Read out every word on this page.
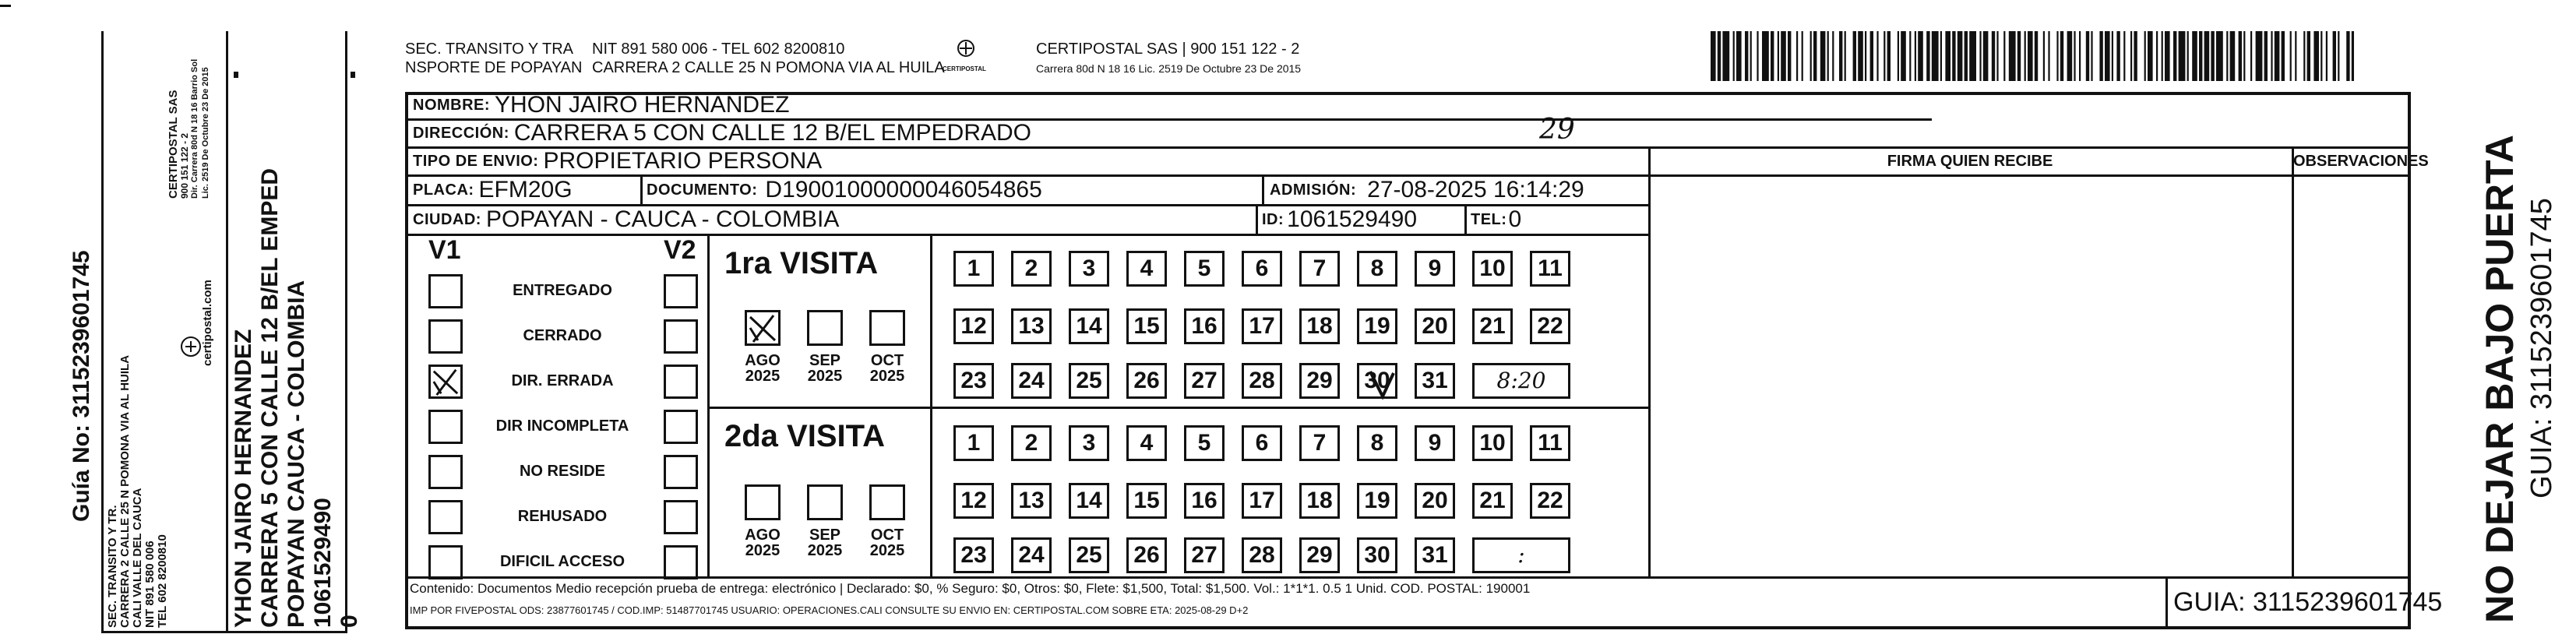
Guía No: 3115239601745
SEC. TRANSITO Y TR. CARRERA 2 CALLE 25 N POMONA VIA AL HUILA CALI VALLE DEL CAUCA NIT 891 580 006 TEL 602 8200810
CERTIPOSTAL SAS 900 151 122 - 2 Dir. Carrera 80d N 18 16 Barrio Sol Lic. 2519 De Octubre 23 De 2015
certipostal.com
YHON JAIRO HERNANDEZ CARRERA 5 CON CALLE 12 B/EL EMPED POPAYAN CAUCA - COLOMBIA 1061529490 0
SEC. TRANSITO Y TRA
NSPORTE DE POPAYAN
NIT 891 580 006 - TEL 602 8200810
CARRERA 2 CALLE 25 N POMONA VIA AL HUILA
CERTIPOSTAL
CERTIPOSTAL SAS | 900 151 122 - 2
Carrera 80d N 18 16 Lic. 2519 De Octubre 23 De 2015
NOMBRE: YHON JAIRO HERNANDEZ
DIRECCIÓN: CARRERA 5 CON CALLE 12 B/EL EMPEDRADO	29
TIPO DE ENVIO: PROPIETARIO PERSONA	FIRMA QUIEN RECIBE	OBSERVACIONES
PLACA: EFM20G	DOCUMENTO: D19001000000046054865	ADMISIÓN: 27-08-2025 16:14:29
CIUDAD: POPAYAN - CAUCA - COLOMBIA	ID: 1061529490	TEL: 0
V1	V2
ENTREGADO
CERRADO
DIR. ERRADA
DIR INCOMPLETA
NO RESIDE
REHUSADO
DIFICIL ACCESO
1ra VISITA
2da VISITA
AGO
2025
SEP
2025
OCT
2025
AGO
2025
SEP
2025
OCT
2025
1	2	3	4	5	6	7	8	9	10	11
12	13	14	15	16	17	18	19	20	21	22
23	24	25	26	27	28	29	30	31	8:20
1	2	3	4	5	6	7	8	9	10	11
12	13	14	15	16	17	18	19	20	21	22
23	24	25	26	27	28	29	30	31	:
Contenido: Documentos Medio recepción prueba de entrega: electrónico | Declarado: $0, % Seguro: $0, Otros: $0, Flete: $1,500, Total: $1,500. Vol.: 1*1*1. 0.5 1 Unid. COD. POSTAL: 190001
IMP POR FIVEPOSTAL ODS: 23877601745 / COD.IMP: 51487701745 USUARIO: OPERACIONES.CALI CONSULTE SU ENVIO EN: CERTIPOSTAL.COM SOBRE ETA: 2025-08-29 D+2	GUIA: 3115239601745 NO DEJAR BAJO PUERTA GUIA: 3115239601745
